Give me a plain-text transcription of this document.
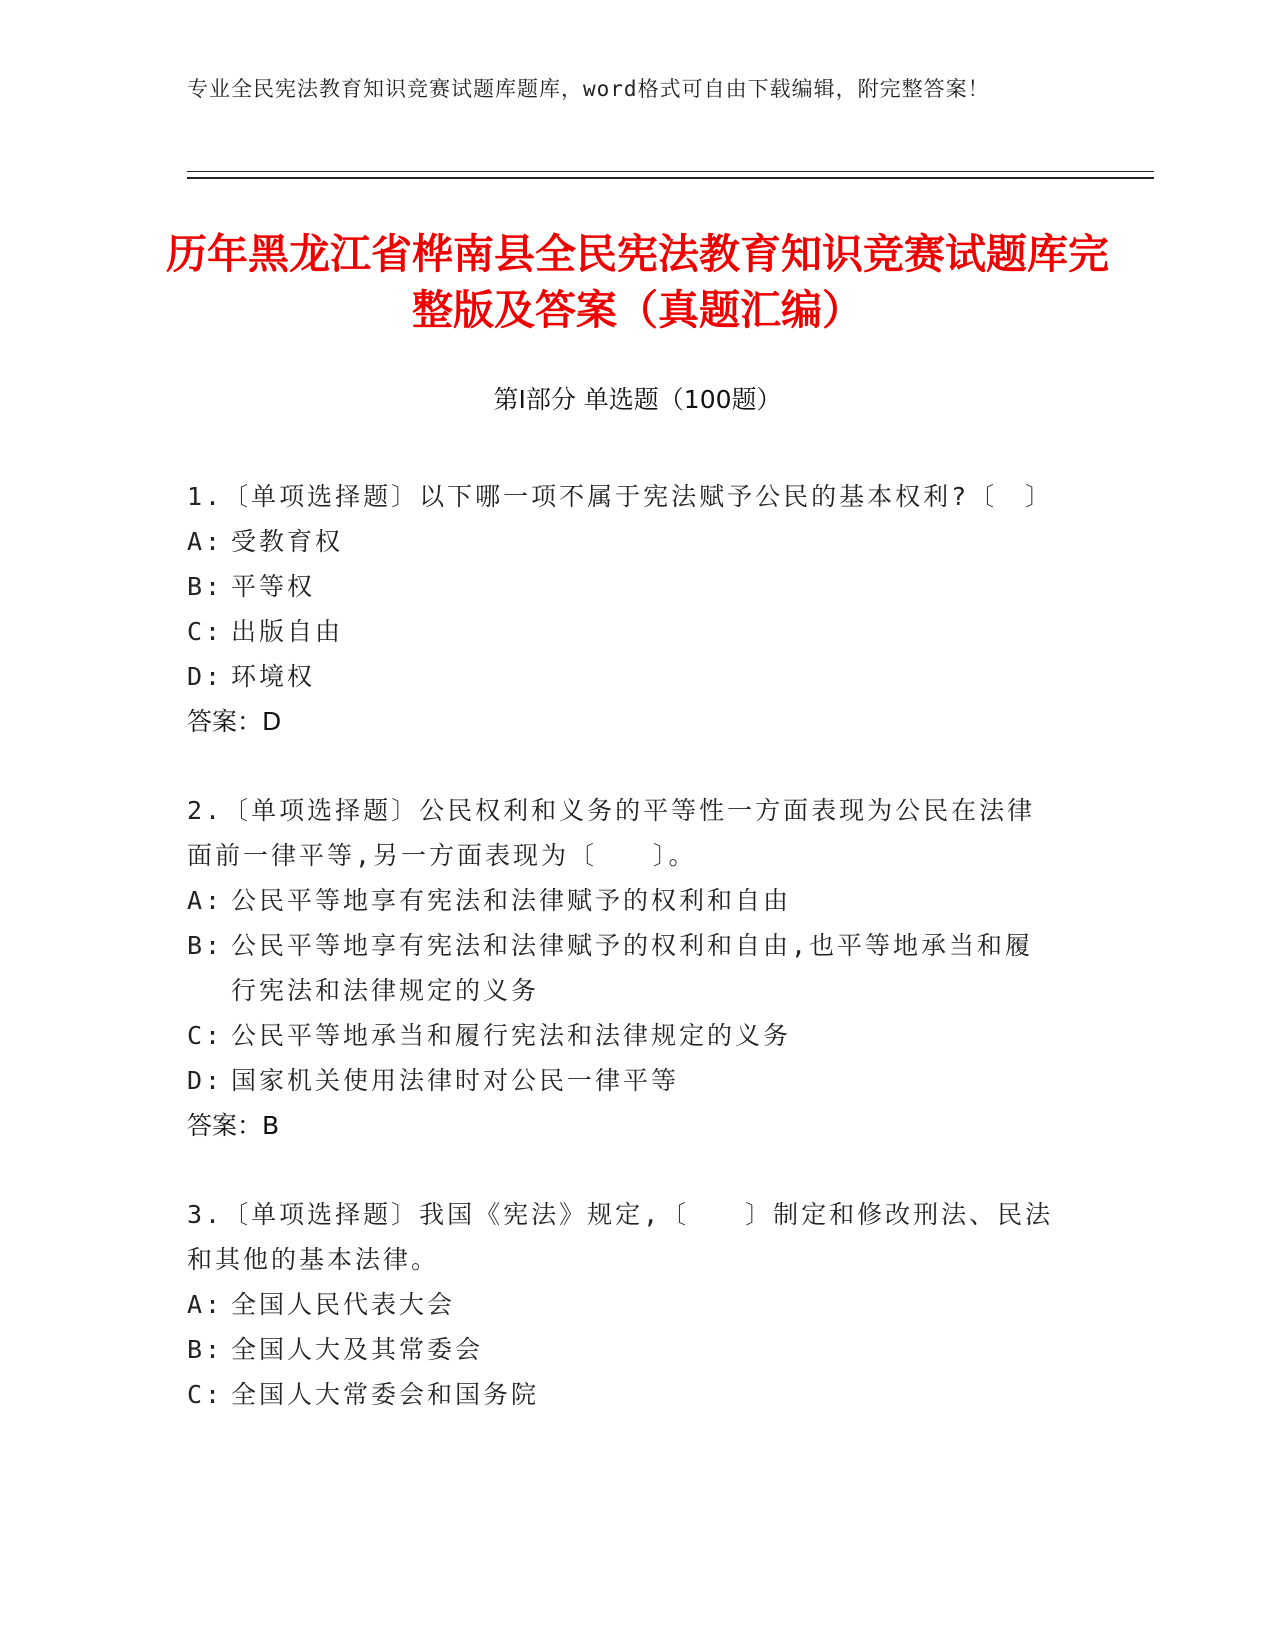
专业全民宪法教育知识竞赛试题库题库，word格式可自由下载编辑，附完整答案！
历年黑龙江省桦南县全民宪法教育知识竞赛试题库完整版及答案（真题汇编）
第Ⅰ部分 单选题（100题）
1.〔单项选择题〕以下哪一项不属于宪法赋予公民的基本权利?〔　〕
A: 受教育权
B: 平等权
C: 出版自由
D: 环境权
答案：D
2.〔单项选择题〕公民权利和义务的平等性一方面表现为公民在法律面前一律平等,另一方面表现为〔　　〕。
A: 公民平等地享有宪法和法律赋予的权利和自由
B: 公民平等地享有宪法和法律赋予的权利和自由,也平等地承当和履行宪法和法律规定的义务
C: 公民平等地承当和履行宪法和法律规定的义务
D: 国家机关使用法律时对公民一律平等
答案：B
3.〔单项选择题〕我国《宪法》规定,〔　　〕制定和修改刑法、民法和其他的基本法律。
A: 全国人民代表大会
B: 全国人大及其常委会
C: 全国人大常委会和国务院
